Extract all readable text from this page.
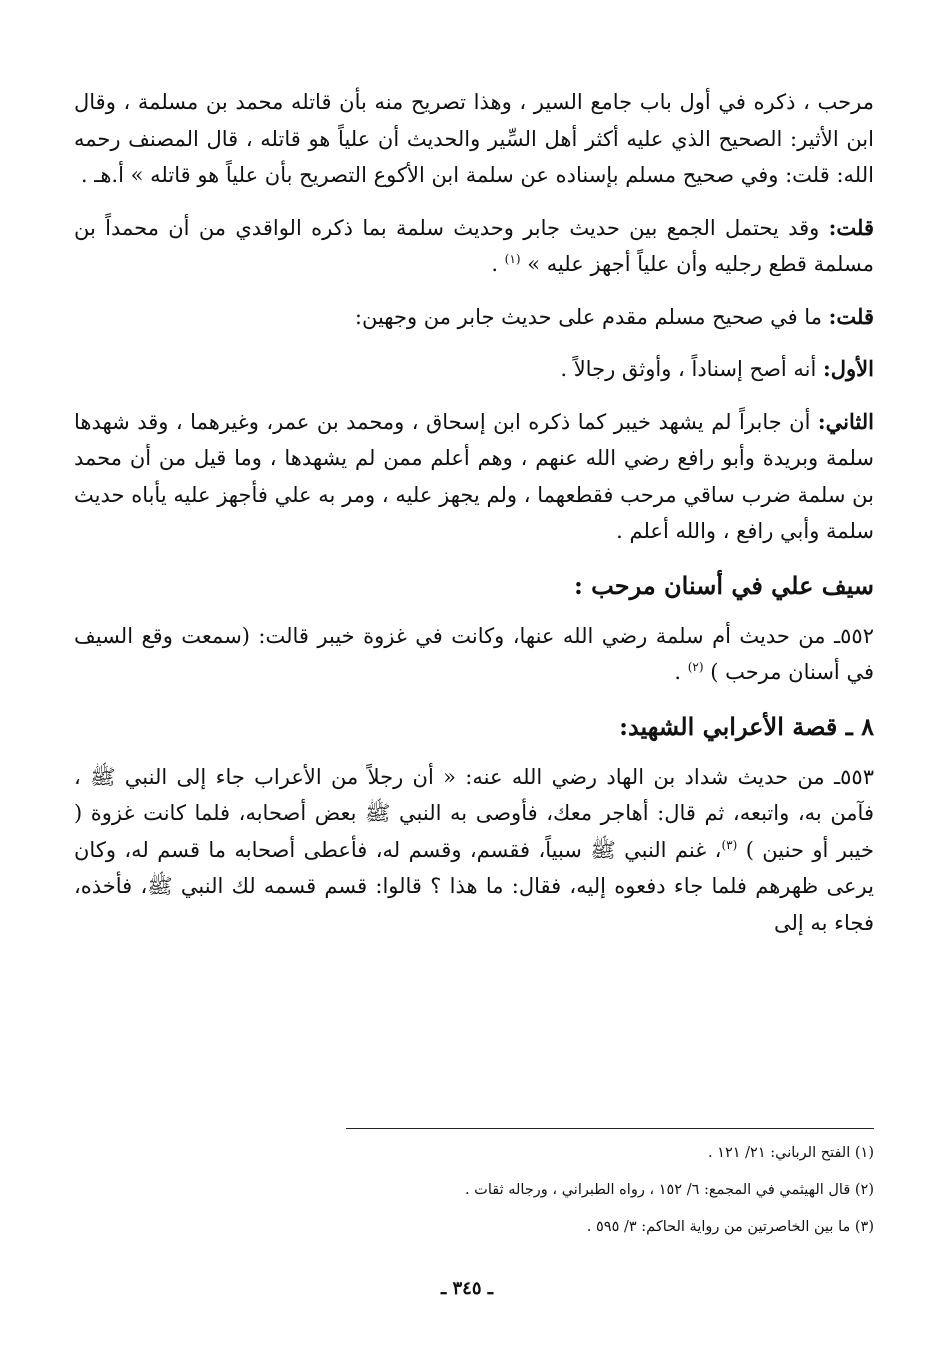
مرحب ، ذكره في أول باب جامع السير ، وهذا تصريح منه بأن قاتله محمد بن مسلمة ، وقال ابن الأثير: الصحيح الذي عليه أكثر أهل السِّير والحديث أن علياً هو قاتله ، قال المصنف رحمه الله: قلت: وفي صحيح مسلم بإسناده عن سلمة ابن الأكوع التصريح بأن علياً هو قاتله » أ.هـ .

قلت: وقد يحتمل الجمع بين حديث جابر وحديث سلمة بما ذكره الواقدي من أن محمداً بن مسلمة قطع رجليه وأن علياً أجهز عليه » $^{(١)}$ .

قلت: ما في صحيح مسلم مقدم على حديث جابر من وجهين:

الأول: أنه أصح إسناداً ، وأوثق رجالاً .

الثاني: أن جابراً لم يشهد خيبر كما ذكره ابن إسحاق ، ومحمد بن عمر، وغيرهما ، وقد شهدها سلمة وبريدة وأبو رافع رضي الله عنهم ، وهم أعلم ممن لم يشهدها ، وما قيل من أن محمد بن سلمة ضرب ساقي مرحب فقطعهما ، ولم يجهز عليه ، ومر به علي فأجهز عليه يأباه حديث سلمة وأبي رافع ، والله أعلم .

سيف علي في أسنان مرحب :

٥٥٢ـ من حديث أم سلمة رضي الله عنها، وكانت في غزوة خيبر قالت: (سمعت وقع السيف في أسنان مرحب ) $^{(٢)}$ .

٨ ـ قصة الأعرابي الشهيد:

٥٥٣ـ من حديث شداد بن الهاد رضي الله عنه: « أن رجلاً من الأعراب جاء إلى النبي ﷺ ، فآمن به، واتبعه، ثم قال: أهاجر معك، فأوصى به النبي ﷺ بعض أصحابه، فلما كانت غزوة ( خيبر أو حنين ) $^{(٣)}$، غنم النبي ﷺ سبياً، فقسم، وقسم له، فأعطى أصحابه ما قسم له، وكان يرعى ظهرهم فلما جاء دفعوه إليه، فقال: ما هذا ؟ قالوا: قسم قسمه لك النبي ﷺ، فأخذه، فجاء به إلى

(١) الفتح الرباني: ٢١/ ١٢١ .

(٢) قال الهيثمي في المجمع: ٦/ ١٥٢ ، رواه الطبراني ، ورجاله ثقات .

(٣) ما بين الخاصرتين من رواية الحاكم: ٣/ ٥٩٥ .

ـ ٣٤٥ ـ
